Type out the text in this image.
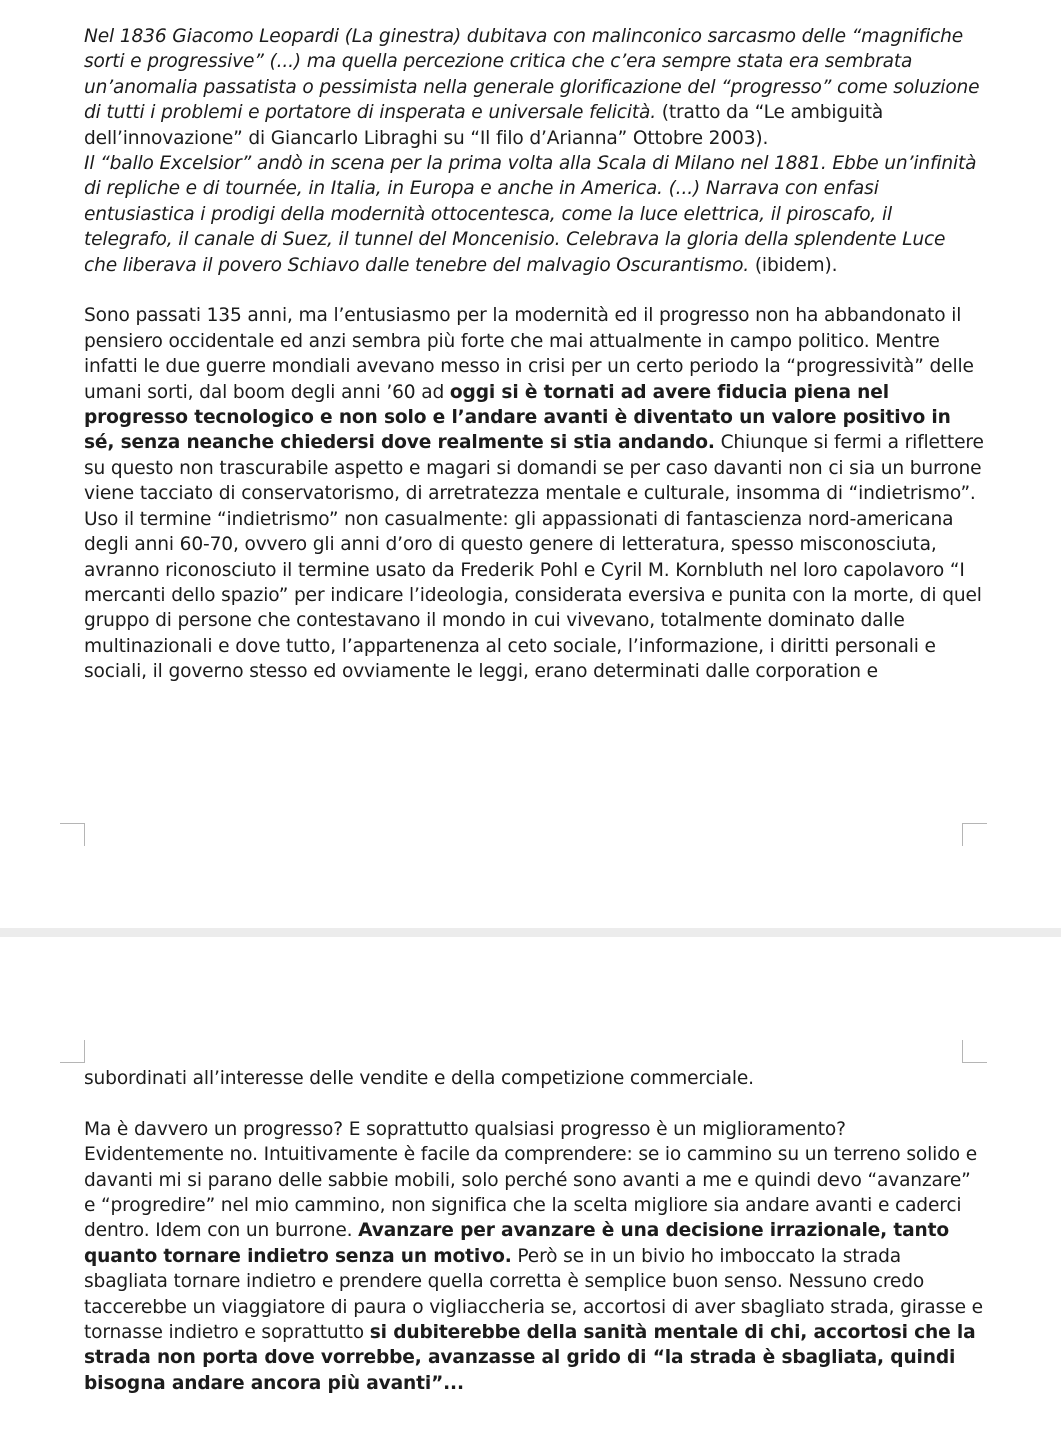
Nel 1836 Giacomo Leopardi (La ginestra) dubitava con malinconico sarcasmo delle “magnifiche sorti e progressive” (...) ma quella percezione critica che c’era sempre stata era sembrata un’anomalia passatista o pessimista nella generale glorificazione del “progresso” come soluzione di tutti i problemi e portatore di insperata e universale felicità. (tratto da “Le ambiguità dell’innovazione” di Giancarlo Libraghi su “Il filo d’Arianna” Ottobre 2003).

Il “ballo Excelsior” andò in scena per la prima volta alla Scala di Milano nel 1881. Ebbe un’infinità di repliche e di tournée, in Italia, in Europa e anche in America. (...) Narrava con enfasi entusiastica i prodigi della modernità ottocentesca, come la luce elettrica, il piroscafo, il telegrafo, il canale di Suez, il tunnel del Moncenisio. Celebrava la gloria della splendente Luce che liberava il povero Schiavo dalle tenebre del malvagio Oscurantismo. (ibidem).

Sono passati 135 anni, ma l’entusiasmo per la modernità ed il progresso non ha abbandonato il pensiero occidentale ed anzi sembra più forte che mai attualmente in campo politico. Mentre infatti le due guerre mondiali avevano messo in crisi per un certo periodo la “progressività” delle umani sorti, dal boom degli anni ’60 ad oggi si è tornati ad avere fiducia piena nel progresso tecnologico e non solo e l’andare avanti è diventato un valore positivo in sé, senza neanche chiedersi dove realmente si stia andando. Chiunque si fermi a riflettere su questo non trascurabile aspetto e magari si domandi se per caso davanti non ci sia un burrone viene tacciato di conservatorismo, di arretratezza mentale e culturale, insomma di “indietrismo”.

Uso il termine “indietrismo” non casualmente: gli appassionati di fantascienza nord-americana degli anni 60-70, ovvero gli anni d’oro di questo genere di letteratura, spesso misconosciuta, avranno riconosciuto il termine usato da Frederik Pohl e Cyril M. Kornbluth nel loro capolavoro “I mercanti dello spazio” per indicare l’ideologia, considerata eversiva e punita con la morte, di quel gruppo di persone che contestavano il mondo in cui vivevano, totalmente dominato dalle multinazionali e dove tutto, l’appartenenza al ceto sociale, l’informazione, i diritti personali e sociali, il governo stesso ed ovviamente le leggi, erano determinati dalle corporation e

subordinati all’interesse delle vendite e della competizione commerciale.

Ma è davvero un progresso? E soprattutto qualsiasi progresso è un miglioramento? Evidentemente no. Intuitivamente è facile da comprendere: se io cammino su un terreno solido e davanti mi si parano delle sabbie mobili, solo perché sono avanti a me e quindi devo “avanzare” e “progredire” nel mio cammino, non significa che la scelta migliore sia andare avanti e caderci dentro. Idem con un burrone. Avanzare per avanzare è una decisione irrazionale, tanto quanto tornare indietro senza un motivo. Però se in un bivio ho imboccato la strada sbagliata tornare indietro e prendere quella corretta è semplice buon senso. Nessuno credo taccerebbe un viaggiatore di paura o vigliaccheria se, accortosi di aver sbagliato strada, girasse e tornasse indietro e soprattutto si dubiterebbe della sanità mentale di chi, accortosi che la strada non porta dove vorrebbe, avanzasse al grido di “la strada è sbagliata, quindi bisogna andare ancora più avanti”...
